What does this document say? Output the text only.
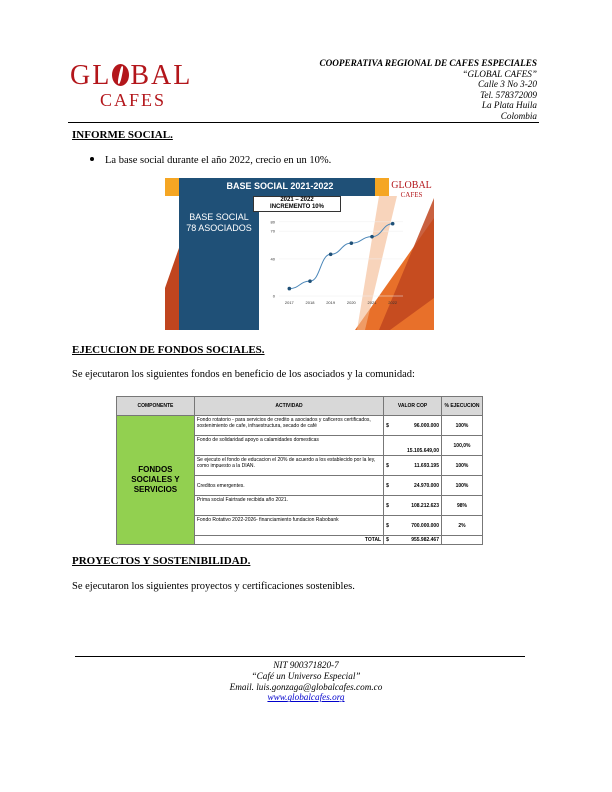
GL BAL
CAFES
COOPERATIVA REGIONAL DE CAFES ESPECIALES
“GLOBAL CAFES”
Calle 3 No 3-20
Tel. 578372009
La Plata Huila
Colombia
INFORME SOCIAL.
La base social durante el año 2022, crecio en un 10%.
BASE SOCIAL 2021-2022	GLOBAL
CAFES
BASE SOCIAL
78 ASOCIADOS
2021 – 2022
INCREMENTO 10%
0
40
70
80
2017	2018	2019	2020	2021	2022
EJECUCION DE FONDOS SOCIALES.
Se ejecutaron los siguientes fondos en beneficio de los asociados y la comunidad:
COMPONENTE	ACTIVIDAD	VALOR COP	% EJECUCION
FONDOS SOCIALES Y SERVICIOS	Fondo rotatorio - para servicios de credito a asociados y caficeros certificados, sostenimiento de cafe, infraestructura, secado de café	$ 96.000.000	100%
	Fondo de solidaridad apoyo a calamidades domesticas	15.105.649,00	100,0%
	Se ejecuto el fondo de educacion el 20% de acuerdo a los establecido por la ley, como impuesto a la DIAN.	$ 11.693.195	100%
	Creditos emergentes.	$ 24.970.000	100%
	Prima social Fairtrade recibida año 2021.	$ 108.212.623	98%
	Fondo Rotativo 2022-2026- financiamiento fundacion Rabobank	$ 700.000.000	2%
	TOTAL	$ 955.982.467	

PROYECTOS Y SOSTENIBILIDAD.
Se ejecutaron los siguientes proyectos y certificaciones sostenibles.
NIT 900371820-7
“Café un Universo Especial”
Email. luis.gonzaga@globalcafes.com.co
www.globalcafes.org
